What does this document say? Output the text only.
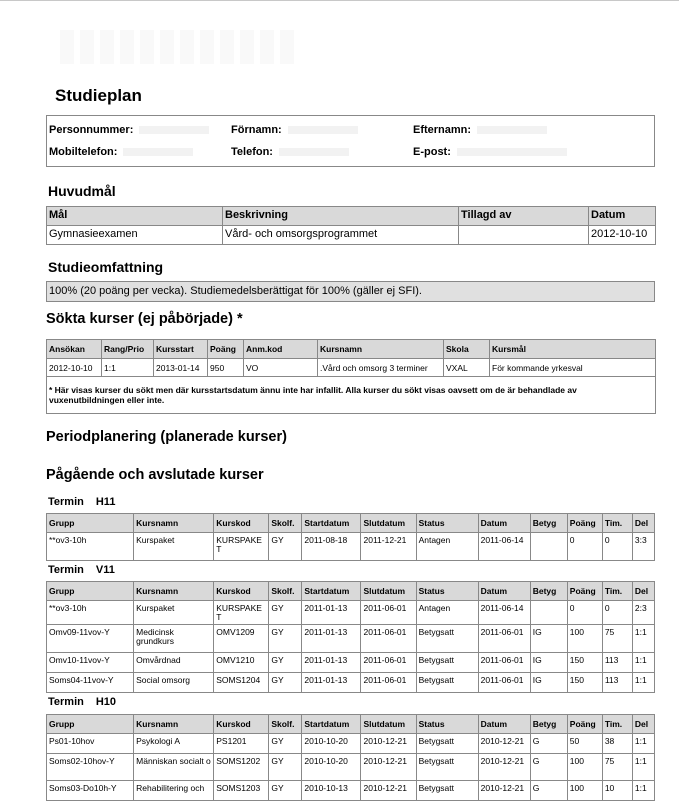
Studieplan
Personnummer:	Förnamn:	Efternamn:
Mobiltelefon:	Telefon:	E-post:
Huvudmål
Mål	Beskrivning	Tillagd av	Datum
Gymnasieexamen	Vård- och omsorgsprogrammet		2012-10-10
Studieomfattning
100% (20 poäng per vecka). Studiemedelsberättigat för 100% (gäller ej SFI).
Sökta kurser (ej påbörjade) *
Ansökan	Rang/Prio	Kursstart	Poäng	Anm.kod	Kursnamn	Skola	Kursmål
2012-10-10	1:1	2013-01-14	950	VO	.Vård och omsorg 3 terminer	VXAL	För kommande yrkesval
* Här visas kurser du sökt men där kursstartsdatum ännu inte har infallit. Alla kurser du sökt visas oavsett om de är behandlade av vuxenutbildningen eller inte.							
Periodplanering (planerade kurser)
Pågående och avslutade kurser
Termin H11
Grupp	Kursnamn	Kurskod	Skolf.	Startdatum	Slutdatum	Status	Datum	Betyg	Poäng	Tim.	Del
**ov3-10h	Kurspaket	KURSPAKET	GY	2011-08-18	2011-12-21	Antagen	2011-06-14		0	0	3:3
Termin V11
Grupp	Kursnamn	Kurskod	Skolf.	Startdatum	Slutdatum	Status	Datum	Betyg	Poäng	Tim.	Del
**ov3-10h	Kurspaket	KURSPAKET	GY	2011-01-13	2011-06-01	Antagen	2011-06-14		0	0	2:3
Omv09-11vov-Y	Medicinsk grundkurs	OMV1209	GY	2011-01-13	2011-06-01	Betygsatt	2011-06-01	IG	100	75	1:1
Omv10-11vov-Y	Omvårdnad	OMV1210	GY	2011-01-13	2011-06-01	Betygsatt	2011-06-01	IG	150	113	1:1
Soms04-11vov-Y	Social omsorg	SOMS1204	GY	2011-01-13	2011-06-01	Betygsatt	2011-06-01	IG	150	113	1:1
Termin H10
Grupp	Kursnamn	Kurskod	Skolf.	Startdatum	Slutdatum	Status	Datum	Betyg	Poäng	Tim.	Del
Ps01-10hov	Psykologi A	PS1201	GY	2010-10-20	2010-12-21	Betygsatt	2010-12-21	G	50	38	1:1
Soms02-10hov-Y	Människan socialt o	SOMS1202	GY	2010-10-20	2010-12-21	Betygsatt	2010-12-21	G	100	75	1:1
Soms03-Do10h-Y	Rehabilitering och	SOMS1203	GY	2010-10-13	2010-12-21	Betygsatt	2010-12-21	G	100	10	1:1
